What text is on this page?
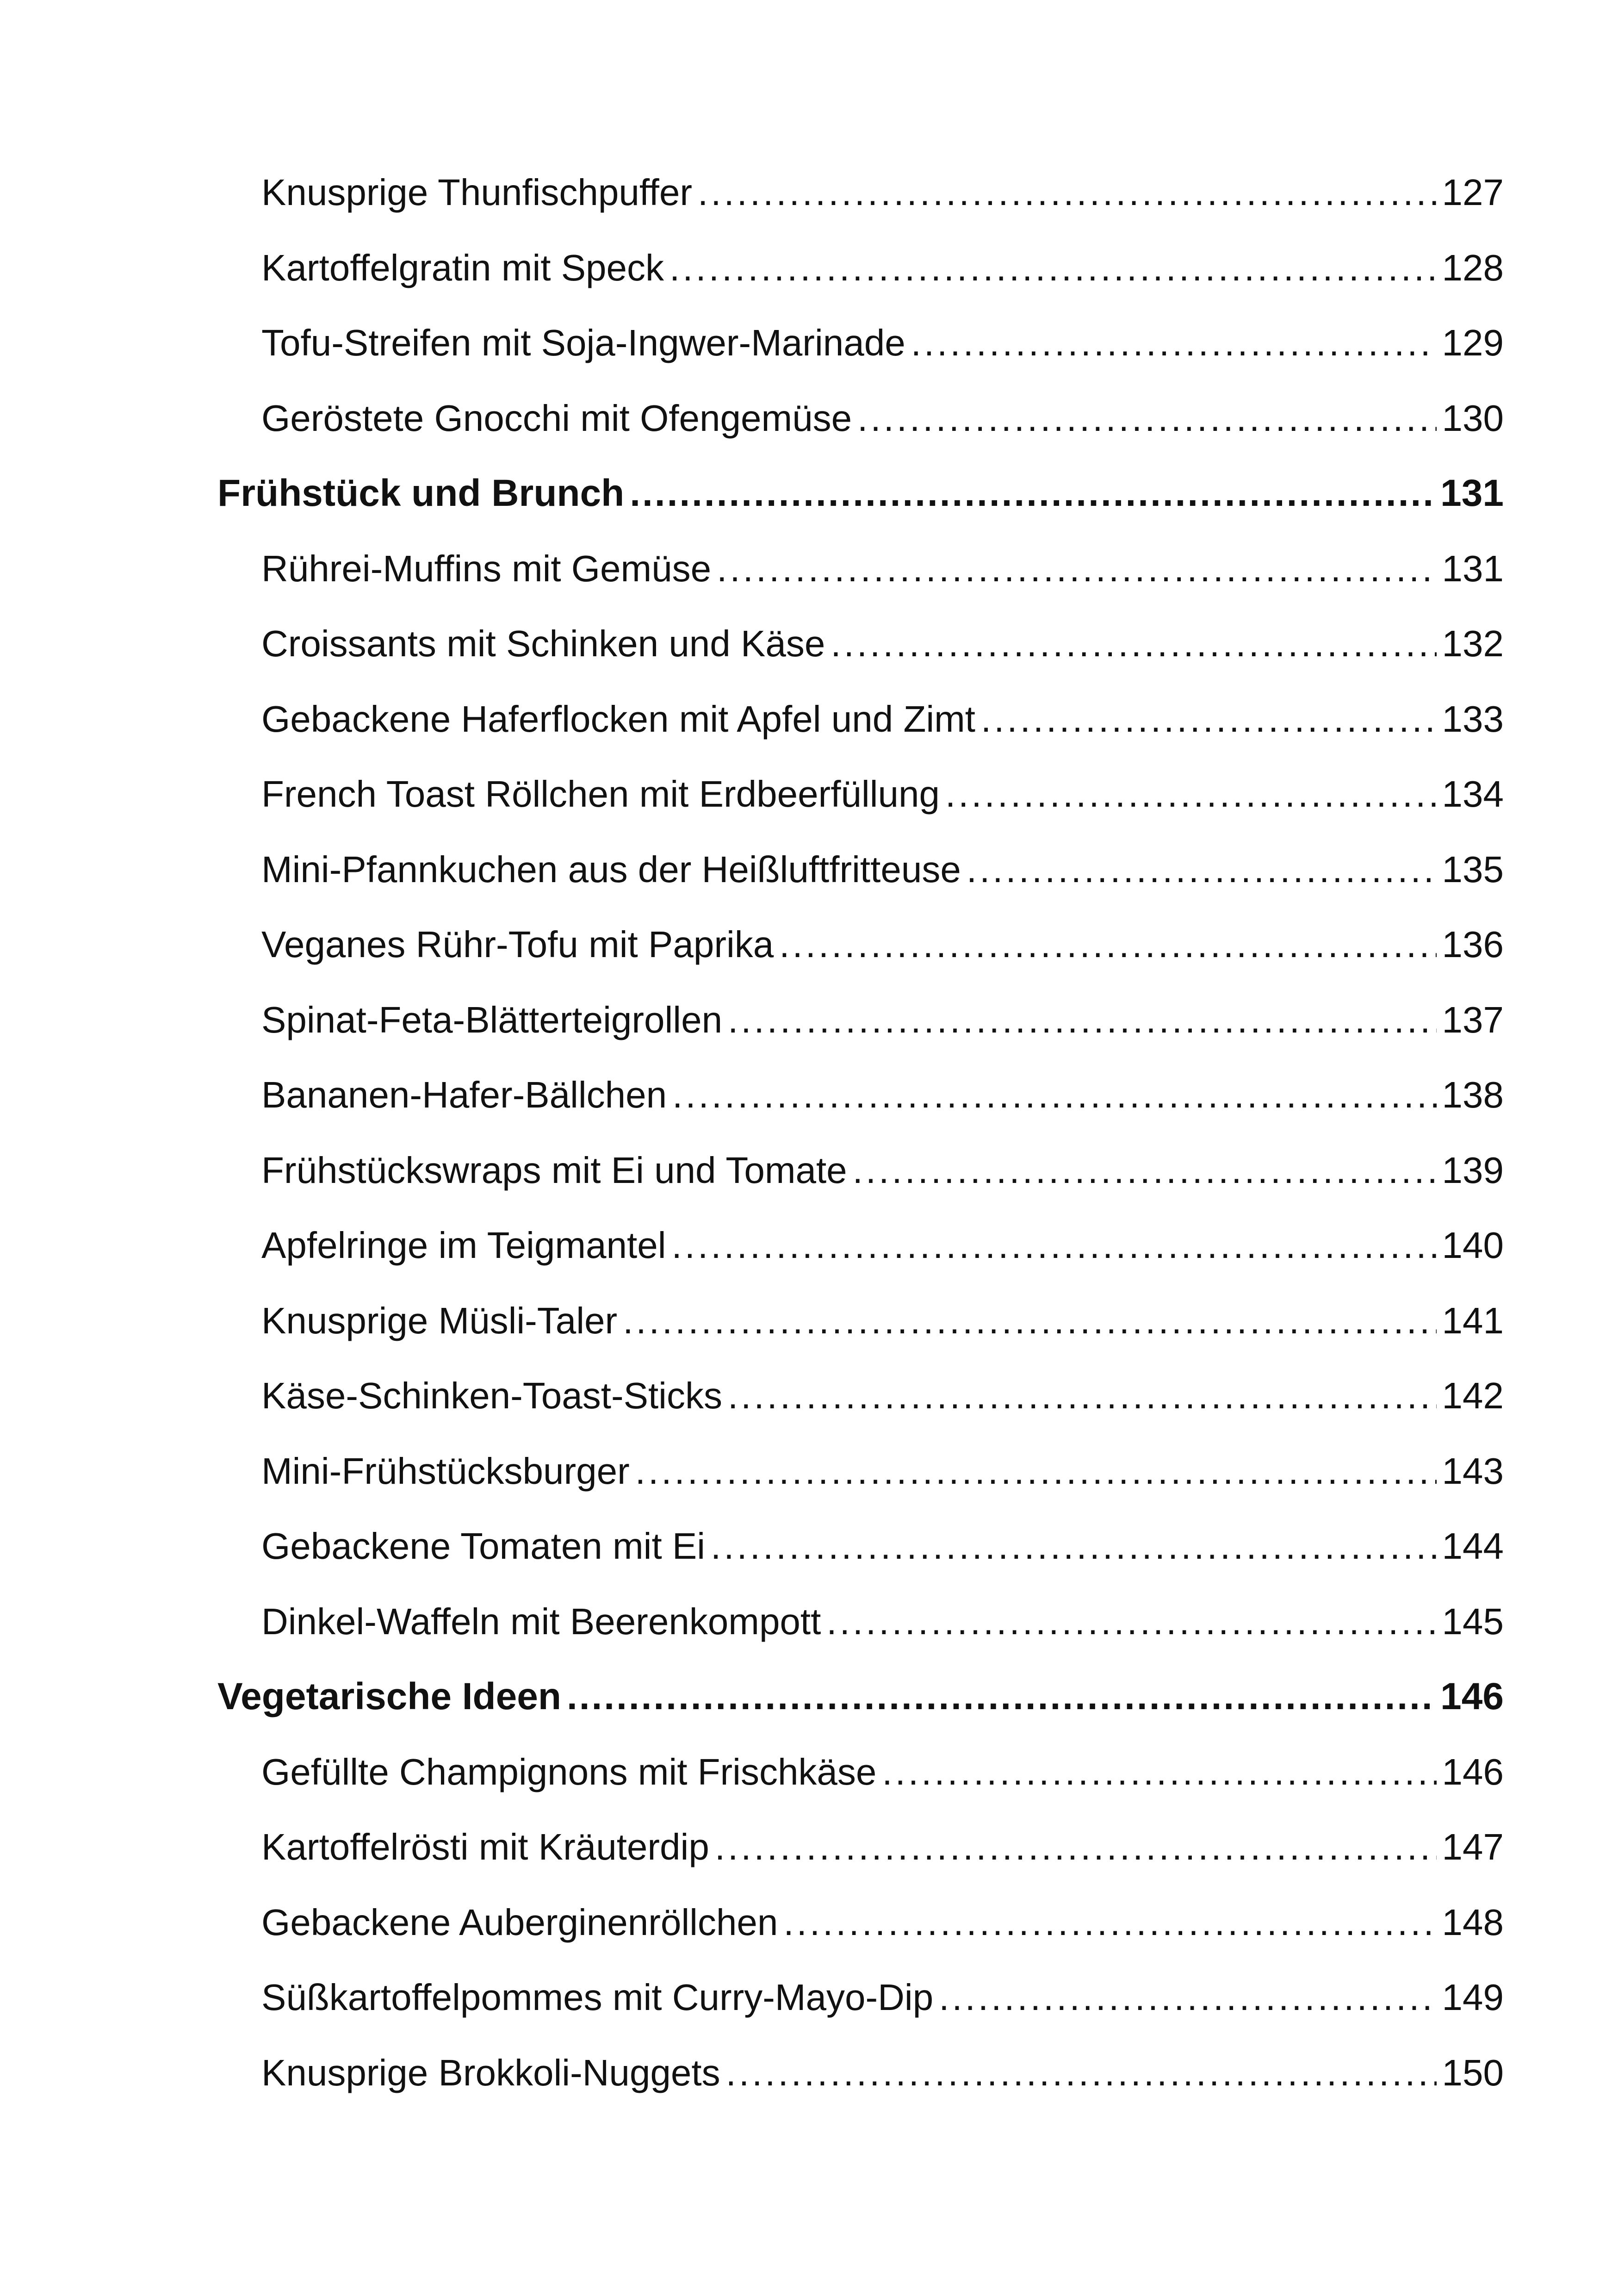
Knusprige Thunfischpuffer .....	127
Kartoffelgratin mit Speck .....	128
Tofu-Streifen mit Soja-Ingwer-Marinade .....	129
Geröstete Gnocchi mit Ofengemüse .....	130
Frühstück und Brunch .....	131
Rührei-Muffins mit Gemüse .....	131
Croissants mit Schinken und Käse .....	132
Gebackene Haferflocken mit Apfel und Zimt .....	133
French Toast Röllchen mit Erdbeerfüllung .....	134
Mini-Pfannkuchen aus der Heißluftfritteuse .....	135
Veganes Rühr-Tofu mit Paprika .....	136
Spinat-Feta-Blätterteigrollen .....	137
Bananen-Hafer-Bällchen .....	138
Frühstückswraps mit Ei und Tomate .....	139
Apfelringe im Teigmantel .....	140
Knusprige Müsli-Taler .....	141
Käse-Schinken-Toast-Sticks .....	142
Mini-Frühstücksburger .....	143
Gebackene Tomaten mit Ei .....	144
Dinkel-Waffeln mit Beerenkompott .....	145
Vegetarische Ideen .....	146
Gefüllte Champignons mit Frischkäse .....	146
Kartoffelrösti mit Kräuterdip .....	147
Gebackene Auberginenröllchen .....	148
Süßkartoffelpommes mit Curry-Mayo-Dip .....	149
Knusprige Brokkoli-Nuggets .....	150
